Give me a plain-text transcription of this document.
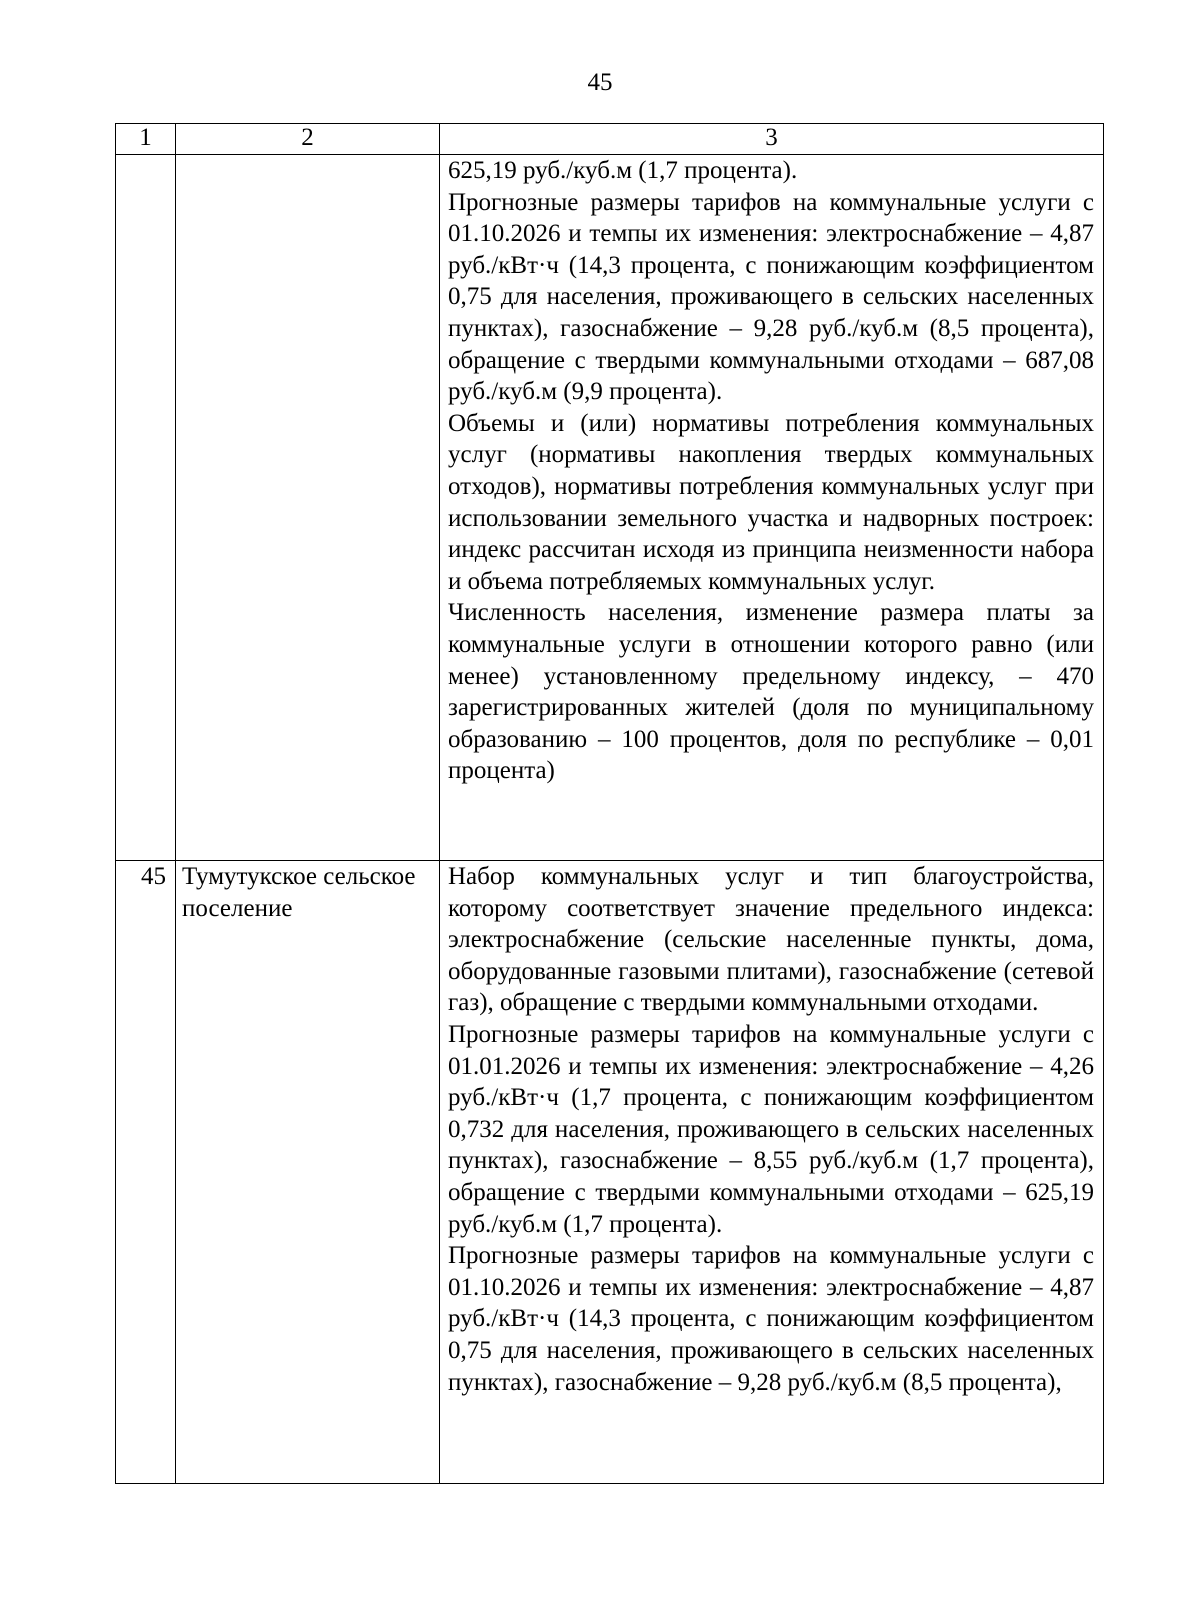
45
1	2	3

		625,19 руб./куб.м (1,7 процента).

Прогнозные размеры тарифов на коммунальные услуги с 01.10.2026 и темпы их изменения: электроснабжение – 4,87 руб./кВт·ч (14,3 процента, с понижающим коэффициентом 0,75 для населения, проживающего в сельских населенных пунктах), газоснабжение – 9,28 руб./куб.м (8,5 процента), обращение с твердыми коммунальными отходами – 687,08 руб./куб.м (9,9 процента).

Объемы и (или) нормативы потребления коммунальных услуг (нормативы накопления твердых коммунальных отходов), нормативы потребления коммунальных услуг при использовании земельного участка и надворных построек: индекс рассчитан исходя из принципа неизменности набора и объема потребляемых коммунальных услуг.

Численность населения, изменение размера платы за коммунальные услуги в отношении которого равно (или менее) установленному предельному индексу, – 470 зарегистрированных жителей (доля по муниципальному образованию – 100 процентов, доля по республике – 0,01 процента)

45	Тумутукское сельское поселение	Набор коммунальных услуг и тип благоустройства, которому соответствует значение предельного индекса: электроснабжение (сельские населенные пункты, дома, оборудованные газовыми плитами), газоснабжение (сетевой газ), обращение с твердыми коммунальными отходами.

Прогнозные размеры тарифов на коммунальные услуги с 01.01.2026 и темпы их изменения: электроснабжение – 4,26 руб./кВт·ч (1,7 процента, с понижающим коэффициентом 0,732 для населения, проживающего в сельских населенных пунктах), газоснабжение – 8,55 руб./куб.м (1,7 процента), обращение с твердыми коммунальными отходами – 625,19 руб./куб.м (1,7 процента).

Прогнозные размеры тарифов на коммунальные услуги с 01.10.2026 и темпы их изменения: электроснабжение – 4,87 руб./кВт·ч (14,3 процента, с понижающим коэффициентом 0,75 для населения, проживающего в сельских населенных пунктах), газоснабжение – 9,28 руб./куб.м (8,5 процента),
